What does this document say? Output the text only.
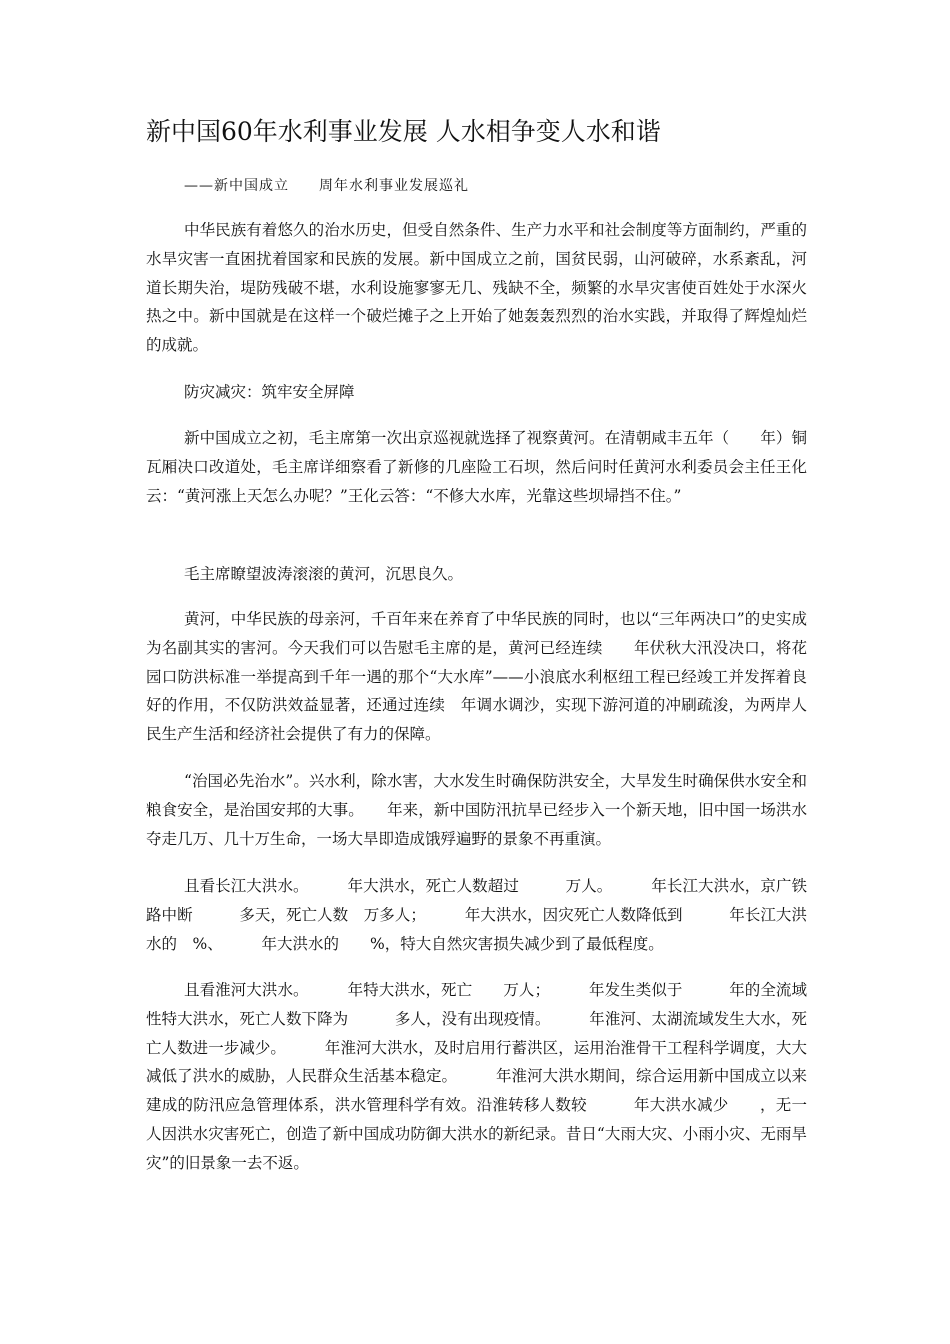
新中国60年水利事业发展 人水相争变人水和谐

——新中国成立　　周年水利事业发展巡礼

中华民族有着悠久的治水历史，但受自然条件、生产力水平和社会制度等方面制约，严重的水旱灾害一直困扰着国家和民族的发展。新中国成立之前，国贫民弱，山河破碎，水系紊乱，河道长期失治，堤防残破不堪，水利设施寥寥无几、残缺不全，频繁的水旱灾害使百姓处于水深火热之中。新中国就是在这样一个破烂摊子之上开始了她轰轰烈烈的治水实践，并取得了辉煌灿烂的成就。

防灾减灾：筑牢安全屏障

新中国成立之初，毛主席第一次出京巡视就选择了视察黄河。在清朝咸丰五年（　　年）铜瓦厢决口改道处，毛主席详细察看了新修的几座险工石坝，然后问时任黄河水利委员会主任王化云：“黄河涨上天怎么办呢？”王化云答：“不修大水库，光靠这些坝埽挡不住。”

毛主席瞭望波涛滚滚的黄河，沉思良久。

黄河，中华民族的母亲河，千百年来在养育了中华民族的同时，也以“三年两决口”的史实成为名副其实的害河。今天我们可以告慰毛主席的是，黄河已经连续　　年伏秋大汛没决口，将花园口防洪标准一举提高到千年一遇的那个“大水库”——小浪底水利枢纽工程已经竣工并发挥着良好的作用，不仅防洪效益显著，还通过连续　年调水调沙，实现下游河道的冲刷疏浚，为两岸人民生产生活和经济社会提供了有力的保障。

“治国必先治水”。兴水利，除水害，大水发生时确保防洪安全，大旱发生时确保供水安全和粮食安全，是治国安邦的大事。　　年来，新中国防汛抗旱已经步入一个新天地，旧中国一场洪水夺走几万、几十万生命，一场大旱即造成饿殍遍野的景象不再重演。

且看长江大洪水。　　　年大洪水，死亡人数超过　　　万人。　　　年长江大洪水，京广铁路中断　　　多天，死亡人数　万多人；　　　年大洪水，因灾死亡人数降低到　　　年长江大洪水的　%、　　　年大洪水的　　%，特大自然灾害损失减少到了最低程度。

且看淮河大洪水。　　　年特大洪水，死亡　　万人；　　　年发生类似于　　　年的全流域性特大洪水，死亡人数下降为　　　多人，没有出现疫情。　　　年淮河、太湖流域发生大水，死亡人数进一步减少。　　　年淮河大洪水，及时启用行蓄洪区，运用治淮骨干工程科学调度，大大减低了洪水的威胁，人民群众生活基本稳定。　　　年淮河大洪水期间，综合运用新中国成立以来建成的防汛应急管理体系，洪水管理科学有效。沿淮转移人数较　　　年大洪水减少　　，无一人因洪水灾害死亡，创造了新中国成功防御大洪水的新纪录。昔日“大雨大灾、小雨小灾、无雨旱灾”的旧景象一去不返。
